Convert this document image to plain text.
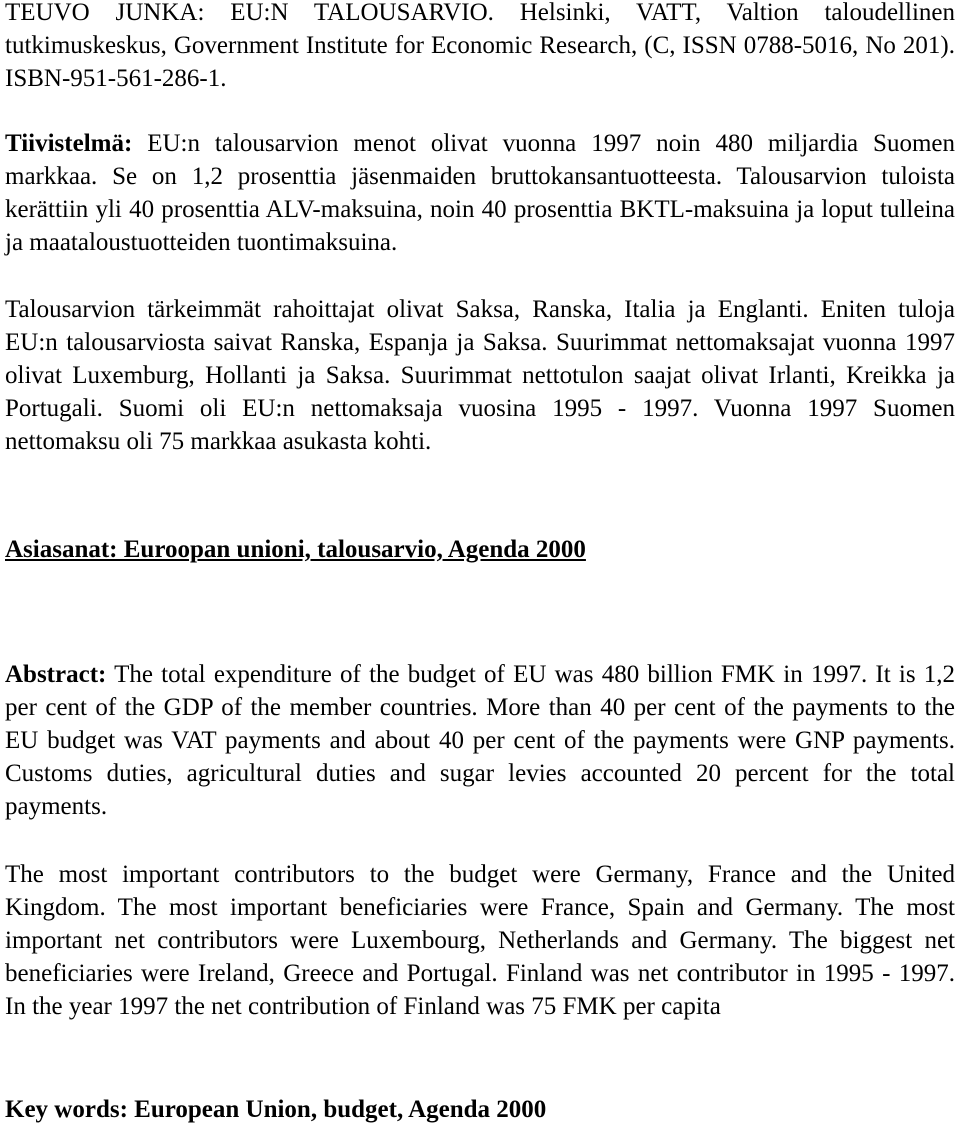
TEUVO JUNKA: EU:N TALOUSARVIO. Helsinki, VATT, Valtion taloudellinen tutkimuskeskus, Government Institute for Economic Research, (C, ISSN 0788-5016, No 201). ISBN-951-561-286-1.

Tiivistelmä: EU:n talousarvion menot olivat vuonna 1997 noin 480 miljardia Suomen markkaa. Se on 1,2 prosenttia jäsenmaiden bruttokansantuotteesta. Talousarvion tuloista kerättiin yli 40 prosenttia ALV-maksuina, noin 40 prosenttia BKTL-maksuina ja loput tulleina ja maataloustuotteiden tuontimaksuina.

Talousarvion tärkeimmät rahoittajat olivat Saksa, Ranska, Italia ja Englanti. Eniten tuloja EU:n talousarviosta saivat Ranska, Espanja ja Saksa. Suurimmat nettomaksajat vuonna 1997 olivat Luxemburg, Hollanti ja Saksa. Suurimmat nettotulon saajat olivat Irlanti, Kreikka ja Portugali. Suomi oli EU:n nettomaksaja vuosina 1995 - 1997. Vuonna 1997 Suomen nettomaksu oli 75 markkaa asukasta kohti.

Asiasanat: Euroopan unioni, talousarvio, Agenda 2000

Abstract: The total expenditure of the budget of EU was 480 billion FMK in 1997. It is 1,2 per cent of the GDP of the member countries. More than 40 per cent of the payments to the EU budget was VAT payments and about 40 per cent of the payments were GNP payments. Customs duties, agricultural duties and sugar levies accounted 20 percent for the total payments.

The most important contributors to the budget were Germany, France and the United Kingdom. The most important beneficiaries were France, Spain and Germany. The most important net contributors were Luxembourg, Netherlands and Germany. The biggest net beneficiaries were Ireland, Greece and Portugal. Finland was net contributor in 1995 - 1997. In the year 1997 the net contribution of Finland was 75 FMK per capita

Key words: European Union, budget, Agenda 2000
